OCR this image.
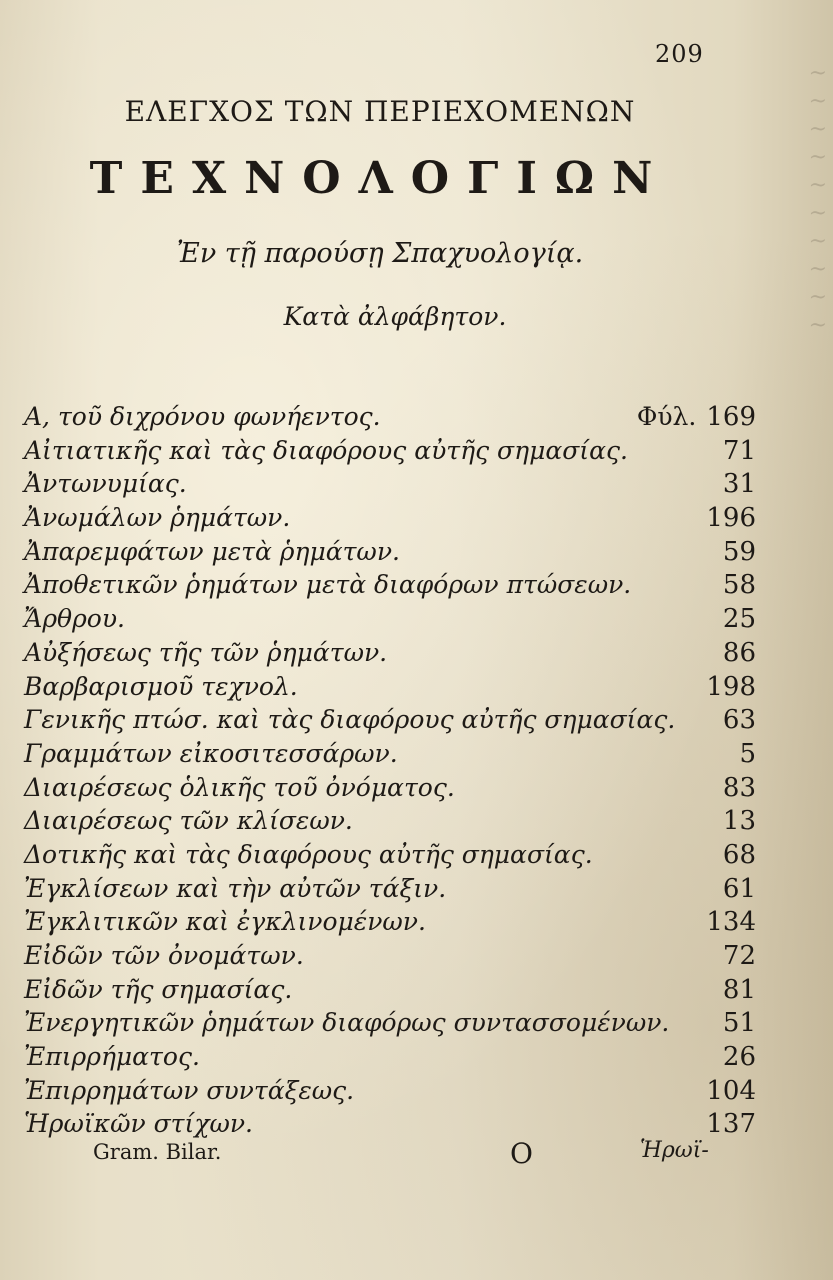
~
~
~
~
~
~
~
~
~
~
209
ΕΛΕΓΧΟΣ ΤΩΝ ΠΕΡΙΕΧΟΜΕΝΩΝ
ΤΕΧΝΟΛΟΓΙΩΝ
Ἐν τῇ παρούσῃ Σπαχυολογίᾳ.
Κατὰ ἀλφάβητον.
Α, τοῦ διχρόνου φωνήεντος.	Φύλ. 169
Αἰτιατικῆς καὶ τὰς διαφόρους αὐτῆς σημασίας.	71
Ἀντωνυμίας.	31
Ἀνωμάλων ῥημάτων.	196
Ἀπαρεμφάτων μετὰ ῥημάτων.	59
Ἀποθετικῶν ῥημάτων μετὰ διαφόρων πτώσεων.	58
Ἄρθρου.	25
Αὐξήσεως τῆς τῶν ῥημάτων.	86
Βαρβαρισμοῦ τεχνολ.	198
Γενικῆς πτώσ. καὶ τὰς διαφόρους αὐτῆς σημασίας. 63
Γραμμάτων εἰκοσιτεσσάρων.	5
Διαιρέσεως ὁλικῆς τοῦ ὀνόματος.	83
Διαιρέσεως τῶν κλίσεων.	13
Δοτικῆς καὶ τὰς διαφόρους αὐτῆς σημασίας.	68
Ἐγκλίσεων καὶ τὴν αὐτῶν τάξιν.	61
Ἐγκλιτικῶν καὶ ἐγκλινομένων.	134
Εἰδῶν τῶν ὀνομάτων.	72
Εἰδῶν τῆς σημασίας.	81
Ἐνεργητικῶν ῥημάτων διαφόρως συντασσομένων. 51
Ἐπιρρήματος.	26
Ἐπιρρημάτων συντάξεως.	104
Ἡρωϊκῶν στίχων.	137
Gram. Bilar.	O	Ἡρωϊ-
